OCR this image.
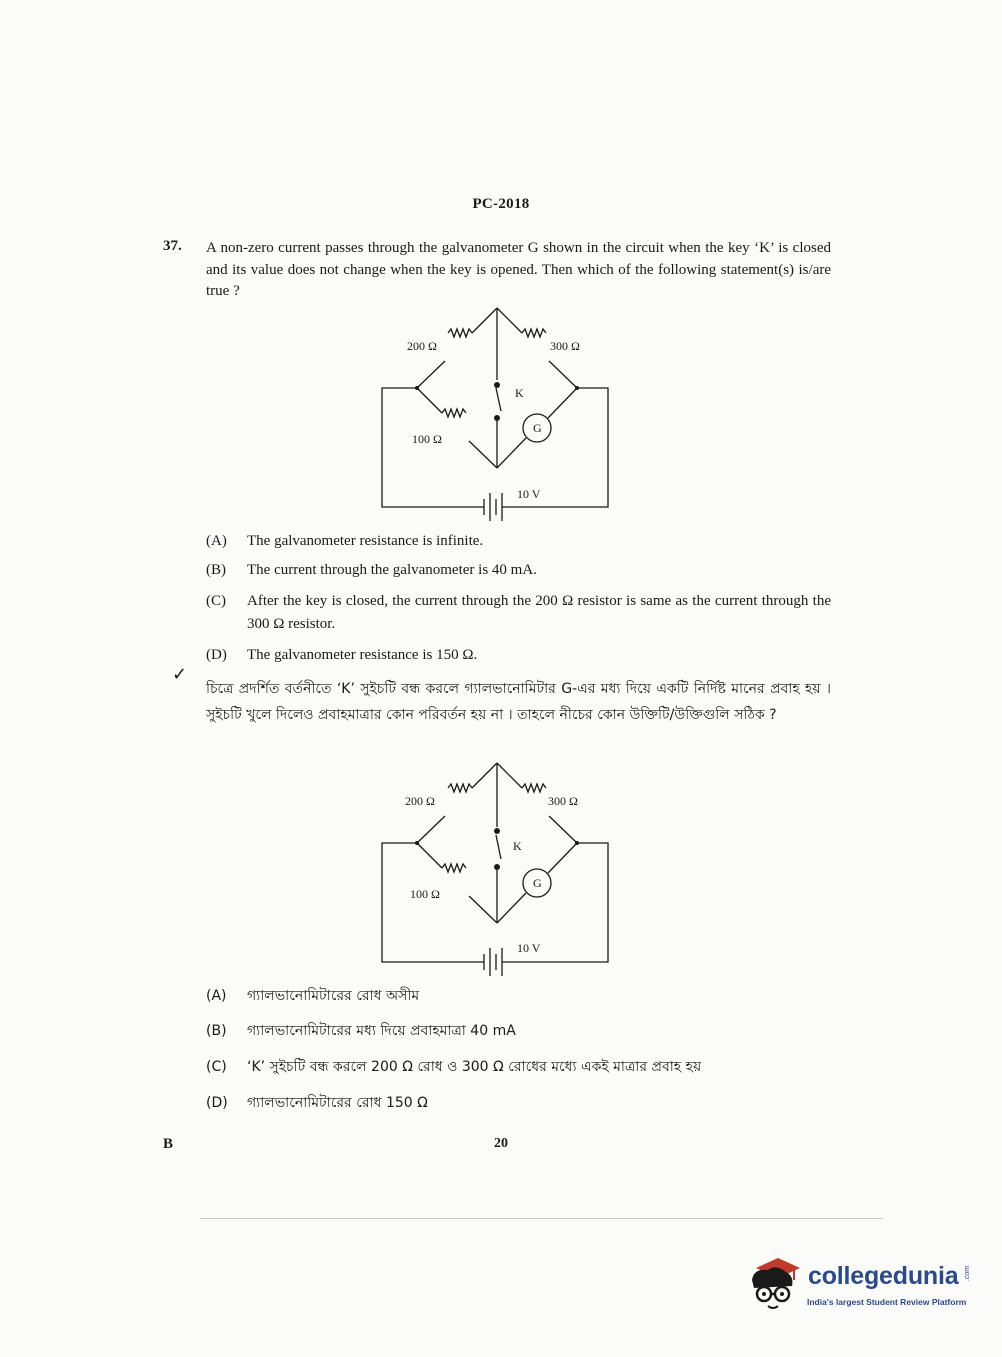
PC-2018
37. A non-zero current passes through the galvanometer G shown in the circuit when the key ‘K’ is closed and its value does not change when the key is opened. Then which of the following statement(s) is/are true ?
200 Ω	300 Ω
100 Ω
K
G
10 V
(A) The galvanometer resistance is infinite.
(B) The current through the galvanometer is 40 mA.
(C)	After the key is closed, the current through the 200 Ω resistor is same as the current through the 300 Ω resistor.
(D) The galvanometer resistance is 150 Ω.
✓
চিত্রে প্রদর্শিত বর্তনীতে ‘K’ সুইচটি বন্ধ করলে গ্যালভানোমিটার G-এর মধ্য দিয়ে একটি নির্দিষ্ট মানের প্রবাহ হয় । সুইচটি খুলে দিলেও প্রবাহমাত্রার কোন পরিবর্তন হয় না । তাহলে নীচের কোন উক্তিটি/উক্তিগুলি সঠিক ?
200 Ω	300 Ω
100 Ω
K
G
10 V
(A) গ্যালভানোমিটারের রোধ অসীম
(B) গ্যালভানোমিটারের মধ্য দিয়ে প্রবাহমাত্রা 40 mA
(C) ‘K’ সুইচটি বন্ধ করলে 200 Ω রোধ ও 300 Ω রোধের মধ্যে একই মাত্রার প্রবাহ হয়
(D) গ্যালভানোমিটারের রোধ 150 Ω
B	20
collegedunia .com
India's largest Student Review Platform
